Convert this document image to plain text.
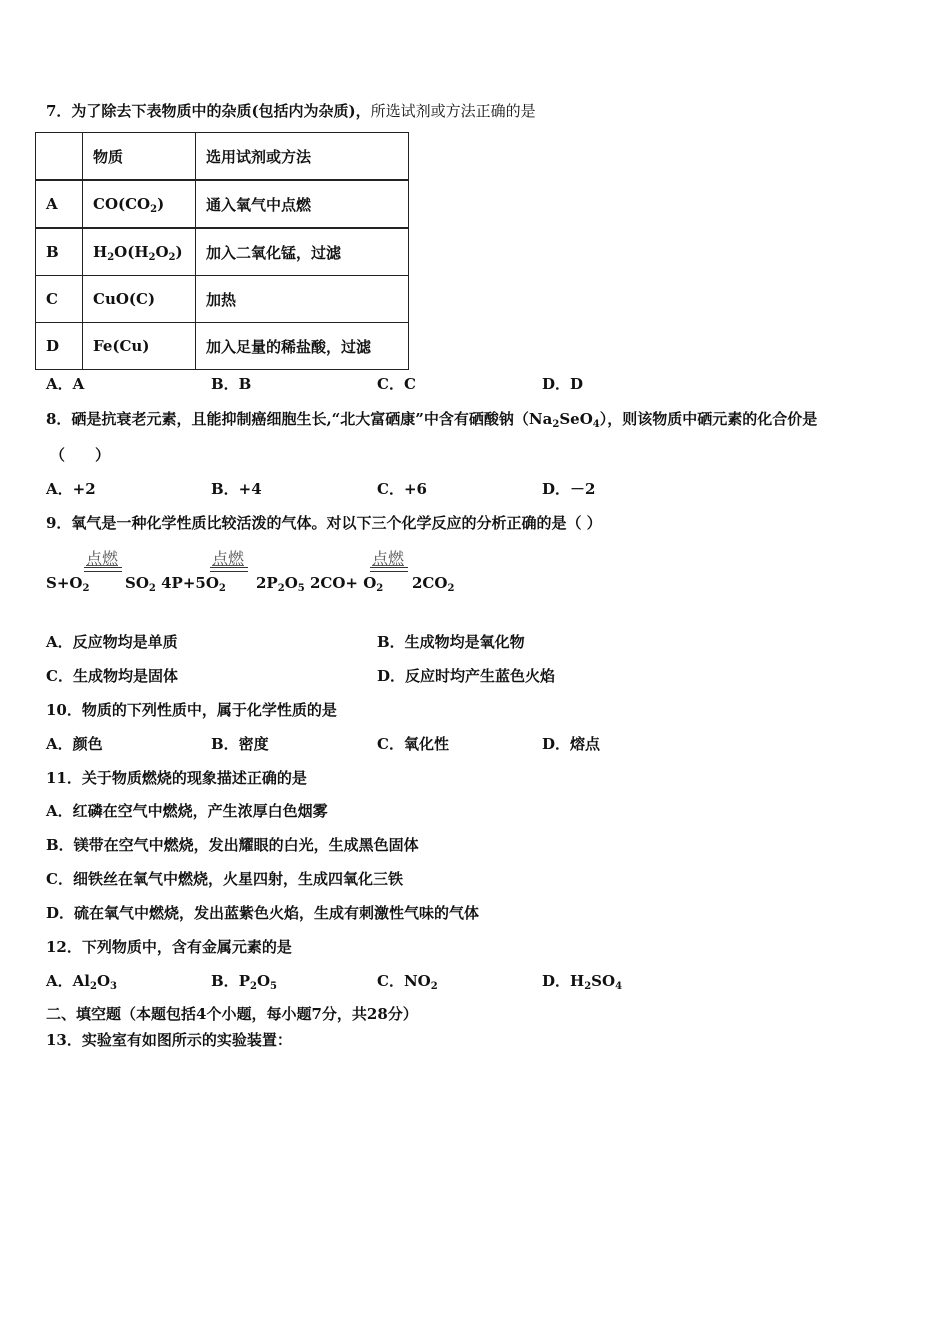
7．为了除去下表物质中的杂质(包括内为杂质)，所选试剂或方法正确的是
	物质	选用试剂或方法
A	$CO(CO_2)$	通入氧气中点燃
B	$H_2O(H_2O_2)$	加入二氧化锰，过滤
C	CuO(C)	加热
D	Fe(Cu)	加入足量的稀盐酸，过滤
A．A	B．B	C．C	D．D
8．硒是抗衰老元素，且能抑制癌细胞生长,“北大富硒康”中含有硒酸钠$(Na_2SeO_4)$，则该物质中硒元素的化合价是
（　　）
A．+2	B．+4	C．+6	D．－2
9．氧气是一种化学性质比较活泼的气体。对以下三个化学反应的分析正确的是（ ）
$S+O_2$
点燃
$SO_2$ $4P+5O_2$
点燃
$2P_2O_5$ $2CO+ O_2$
点燃
$2CO_2$
A．反应物均是单质	B．生成物均是氧化物
C．生成物均是固体	D．反应时均产生蓝色火焰
10．物质的下列性质中，属于化学性质的是
A．颜色	B．密度	C．氧化性	D．熔点
11．关于物质燃烧的现象描述正确的是
A．红磷在空气中燃烧，产生浓厚白色烟雾
B．镁带在空气中燃烧，发出耀眼的白光，生成黑色固体
C．细铁丝在氧气中燃烧，火星四射，生成四氧化三铁
D．硫在氧气中燃烧，发出蓝紫色火焰，生成有刺激性气味的气体
12．下列物质中，含有金属元素的是
A．$Al_2O_3$	B．$P_2O_5$	C．$NO_2$	D．$H_2SO_4$
二、填空题（本题包括4个小题，每小题7分，共28分）
13．实验室有如图所示的实验装置：
